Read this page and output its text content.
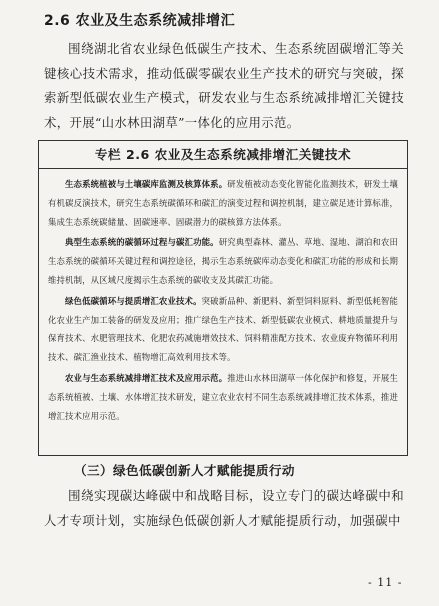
2.6 农业及生态系统减排增汇

围绕湖北省农业绿色低碳生产技术、生态系统固碳增汇等关键核心技术需求，推动低碳零碳农业生产技术的研究与突破，探索新型低碳农业生产模式，研发农业与生态系统减排增汇关键技术，开展“山水林田湖草”一体化的应用示范。

专栏 2.6 农业及生态系统减排增汇关键技术

生态系统植被与土壤碳库监测及核算体系。研发植被动态变化智能化监测技术，研发土壤有机碳反演技术，研究生态系统碳循环和碳汇的演变过程和调控机制，建立碳足迹计算标准，集成生态系统碳储量、固碳速率、固碳潜力的碳核算方法体系。

典型生态系统的碳循环过程与碳汇功能。研究典型森林、灌丛、草地、湿地、湖泊和农田生态系统的碳循环关键过程和调控途径，揭示生态系统碳库动态变化和碳汇功能的形成和长期维持机制，从区域尺度揭示生态系统的碳收支及其碳汇功能。

绿色低碳循环与提质增汇农业技术。突破新品种、新肥料、新型饲料原料、新型低耗智能化农业生产加工装备的研发及应用；推广绿色生产技术、新型低碳农业模式、耕地质量提升与保育技术、水肥管理技术、化肥农药减施增效技术、饲料精准配方技术、农业废弃物循环利用技术、碳汇渔业技术、植物增汇高效利用技术等。

农业与生态系统减排增汇技术及应用示范。推进山水林田湖草一体化保护和修复，开展生态系统植被、土壤、水体增汇技术研发，建立农业农村不同生态系统减排增汇技术体系，推进增汇技术应用示范。

（三）绿色低碳创新人才赋能提质行动

围绕实现碳达峰碳中和战略目标，设立专门的碳达峰碳中和人才专项计划，实施绿色低碳创新人才赋能提质行动，加强碳中

- 11 -
